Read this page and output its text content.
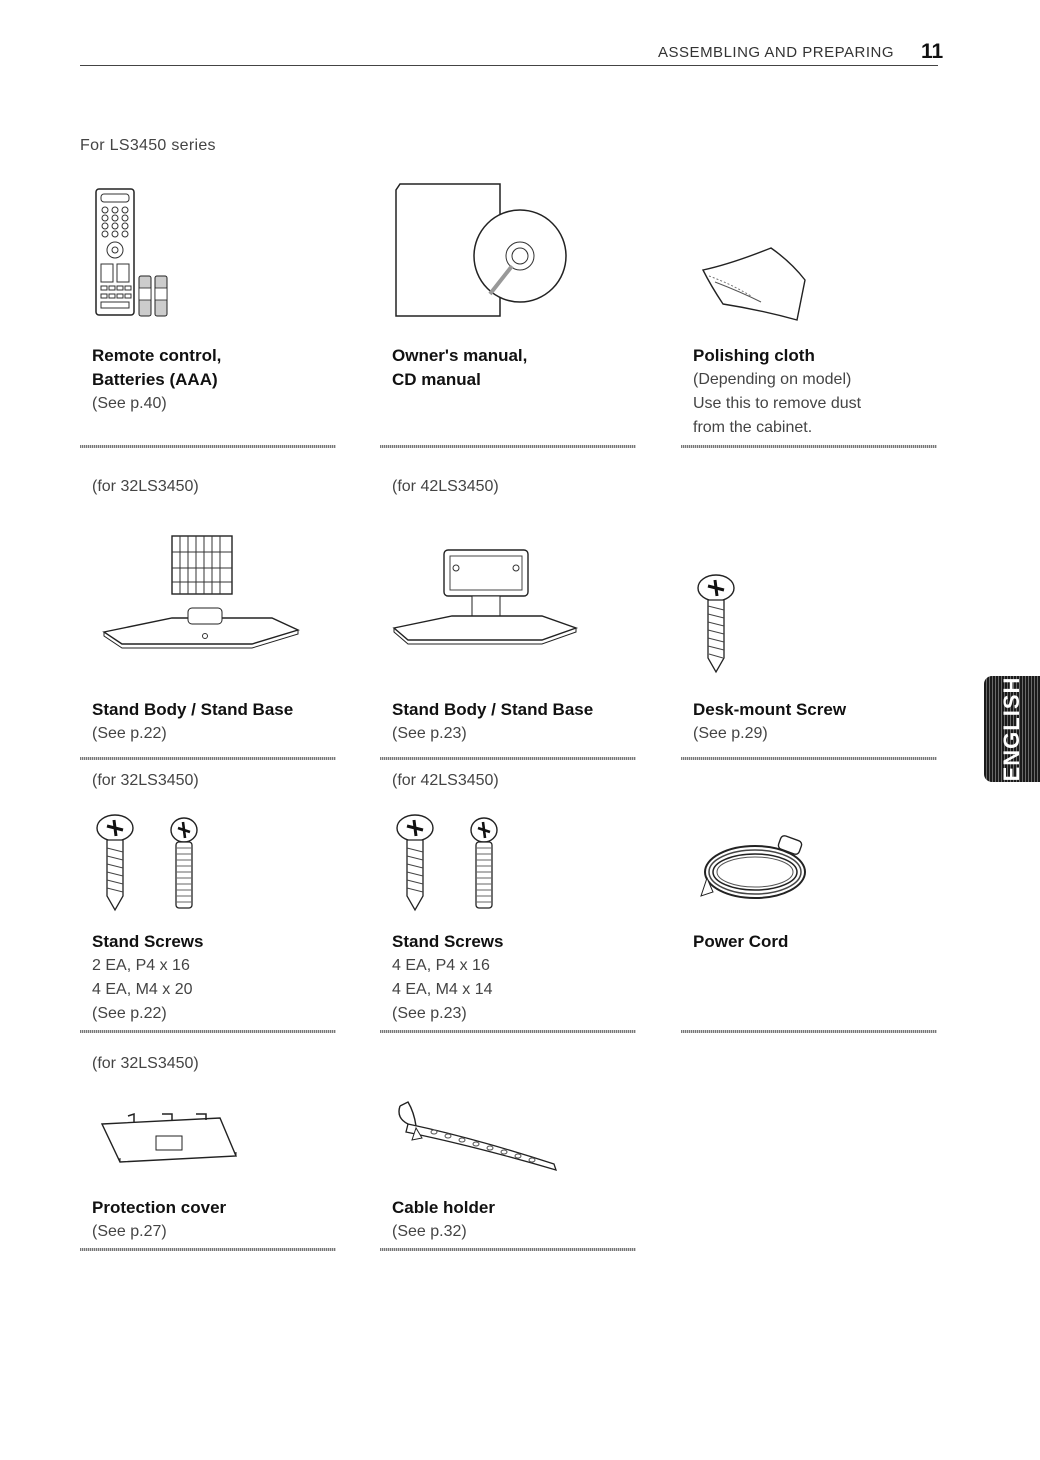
ASSEMBLING AND PREPARING 11
For LS3450 series
Remote control,
Batteries (AAA)
(See p.40)
Owner's manual,
CD manual
Polishing cloth
(Depending on model)
Use this to remove dust
from the cabinet.
(for 32LS3450)
Stand Body / Stand Base
(See p.22)
(for 42LS3450)
Stand Body / Stand Base
(See p.23)
Desk-mount Screw
(See p.29)
(for 32LS3450)
Stand Screws
2 EA, P4 x 16
4 EA, M4 x 20
(See p.22)
(for 42LS3450)
Stand Screws
4 EA, P4 x 16
4 EA, M4 x 14
(See p.23)
Power Cord
(for 32LS3450)
Protection cover
(See p.27)
Cable holder
(See p.32)
ENGLISH
